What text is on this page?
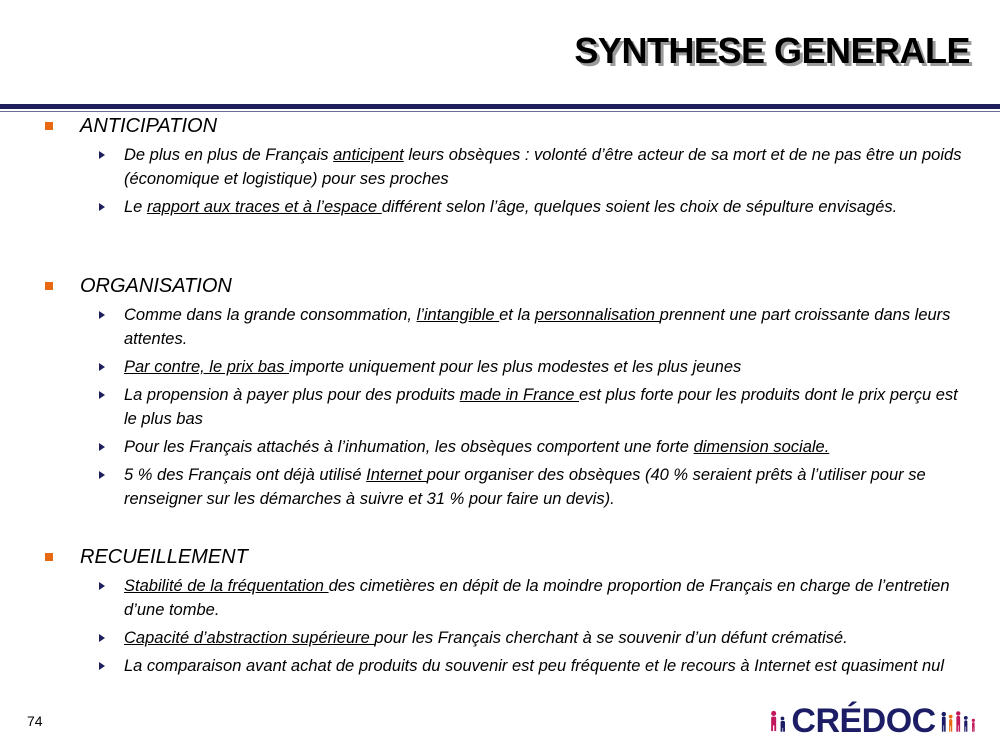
SYNTHESE GENERALE
ANTICIPATION
De plus en plus de Français anticipent leurs obsèques : volonté d’être acteur de sa mort et de ne pas être un poids (économique et logistique) pour ses proches
Le rapport aux traces et à l’espace différent selon l’âge, quelques soient les choix de sépulture envisagés.
ORGANISATION
Comme dans la grande consommation, l’intangible et la personnalisation prennent une part croissante dans leurs attentes.
Par contre, le prix bas importe uniquement pour les plus modestes et les plus jeunes
La propension à payer plus pour des produits made in France est plus forte pour les produits dont le prix perçu est le plus bas
Pour les Français attachés à l’inhumation, les obsèques comportent une forte dimension sociale.
5 % des Français ont déjà utilisé Internet pour organiser des obsèques (40 % seraient prêts à l’utiliser pour se renseigner sur les démarches à suivre et 31 % pour faire un devis).
RECUEILLEMENT
Stabilité de la fréquentation des cimetières en dépit de la moindre proportion de Français en charge de l’entretien d’une tombe.
Capacité d’abstraction supérieure pour les Français cherchant à se souvenir d’un défunt crématisé.
La comparaison avant achat de produits du souvenir est peu fréquente et le recours à Internet est quasiment nul
74	CRÉDOC
